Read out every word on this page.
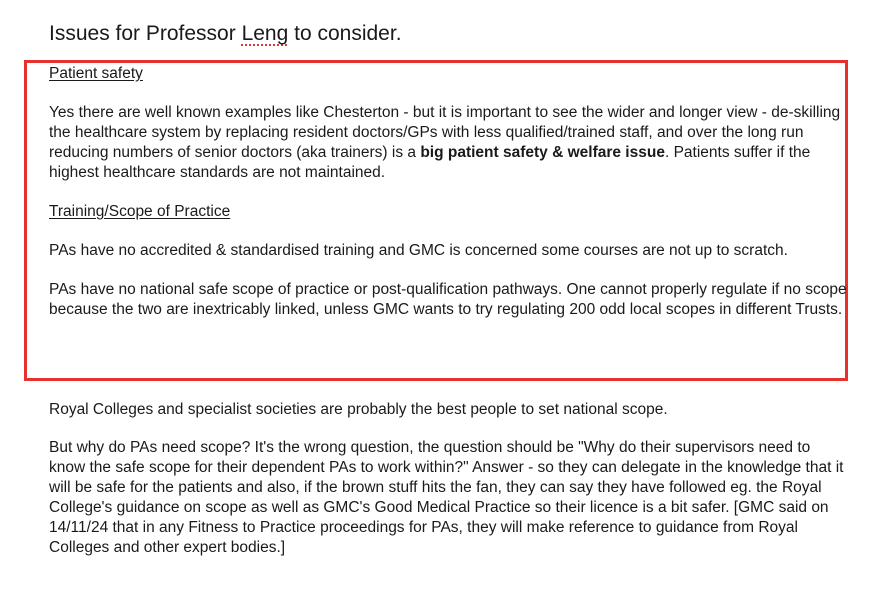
Issues for Professor Leng to consider.

Patient safety

Yes there are well known examples like Chesterton - but it is important to see the wider and longer view - de-skilling the healthcare system by replacing resident doctors/GPs with less qualified/trained staff, and over the long run reducing numbers of senior doctors (aka trainers) is a big patient safety & welfare issue. Patients suffer if the highest healthcare standards are not maintained.

Training/Scope of Practice

PAs have no accredited & standardised training and GMC is concerned some courses are not up to scratch.

PAs have no national safe scope of practice or post-qualification pathways. One cannot properly regulate if no scope because the two are inextricably linked, unless GMC wants to try regulating 200 odd local scopes in different Trusts.

Royal Colleges and specialist societies are probably the best people to set national scope.

But why do PAs need scope? It's the wrong question, the question should be "Why do their supervisors need to know the safe scope for their dependent PAs to work within?" Answer - so they can delegate in the knowledge that it will be safe for the patients and also, if the brown stuff hits the fan, they can say they have followed eg. the Royal College's guidance on scope as well as GMC's Good Medical Practice so their licence is a bit safer. [GMC said on 14/11/24 that in any Fitness to Practice proceedings for PAs, they will make reference to guidance from Royal Colleges and other expert bodies.]
